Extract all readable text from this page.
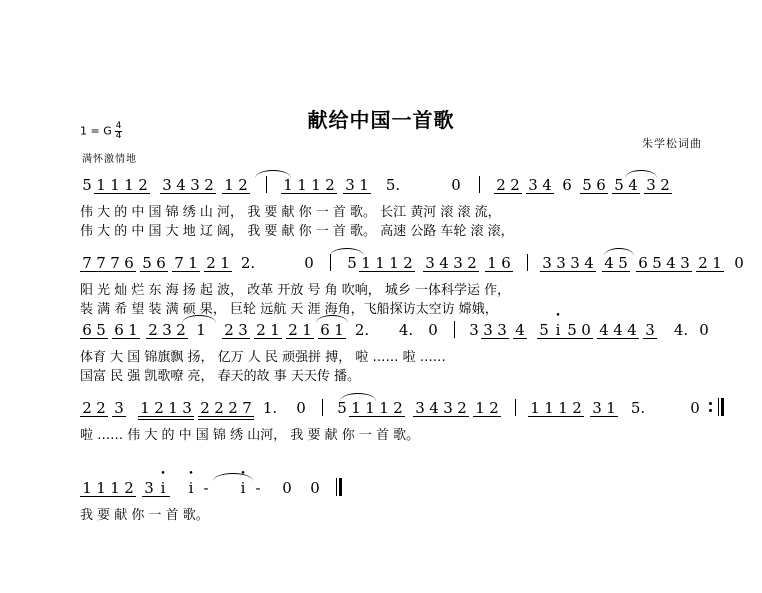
献给中国一首歌
1 = G $\frac{4}{4}$
满怀激情地
朱学松词曲
5 1 1 1 2 3 4 3 2 1 2 1 1 1 2 3 1 5.	0 2 2 3 4 6 5 6 5 4 3 2
伟 大 的 中 国 锦 绣 山 河， 我 要 献 你 一 首 歌。 长江 黄河 滚 滚 流，
伟 大 的 中 国 大 地 辽 阔， 我 要 献 你 一 首 歌。 高速 公路 车轮 滚 滚，
7 7 7 6 5 6 7 1 2 1 2.	0 5 1 1 1 2 3 4 3 2 1 6 3 3 3 4 4 5 6 5 4 3 2 1 0
阳 光 灿 烂 东 海 扬 起 波， 改革 开放 号 角 吹响， 城乡 一体科学运 作，
装 满 希 望 装 满 硕 果， 巨轮 远航 天 涯 海角，飞船探访太空访 嫦娥，
6 5 6 1 2 3 2 1 2 3 2 1 2 1 6 1 2. 4. 0 3 3 3 4 5 • i 5 0 4 4 4 3 4. 0
体育 大 国 锦旗飘 扬， 亿万 人 民 顽强拼 搏， 啦 …… 啦 ……
国富 民 强 凯歌嘹 亮， 春天的故 事 天天传 播。
2 2 3 1 2 1 3 2 2 2 7 1. 0 5 1 1 1 2 3 4 3 2 1 2 1 1 1 2 3 1 5.	0
啦 …… 伟 大 的 中 国 锦 绣 山河， 我 要 献 你 一 首 歌。
1 1 1 2 3 • i • i - • i - 0 0
我 要 献 你 一 首 歌。
